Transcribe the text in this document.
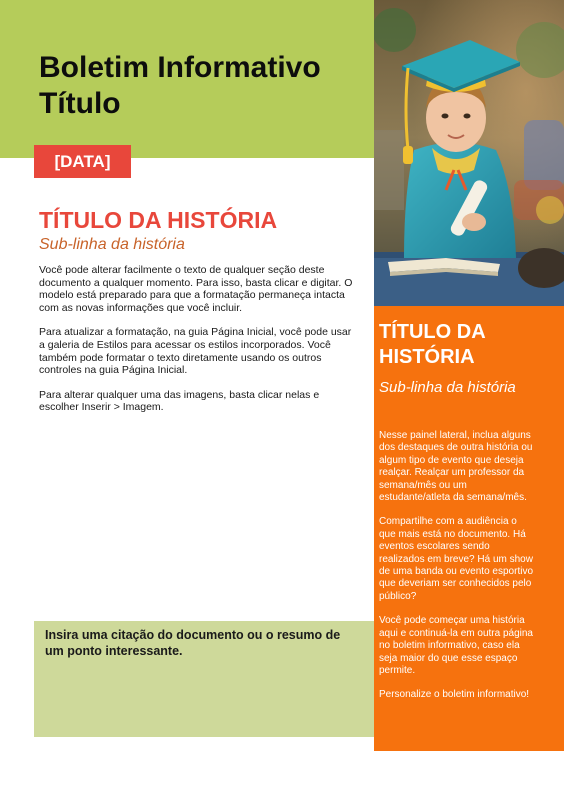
Boletim Informativo
Título
[DATA]
TÍTULO DA HISTÓRIA
Sub-linha da história

Você pode alterar facilmente o texto de qualquer seção deste documento a qualquer momento. Para isso, basta clicar e digitar. O modelo está preparado para que a formatação permaneça intacta com as novas informações que você incluir.

Para atualizar a formatação, na guia Página Inicial, você pode usar a galeria de Estilos para acessar os estilos incorporados. Você também pode formatar o texto diretamente usando os outros controles na guia Página Inicial.

Para alterar qualquer uma das imagens, basta clicar nelas e escolher Inserir > Imagem.

Insira uma citação do documento ou o resumo de um ponto interessante.
TÍTULO DA HISTÓRIA
Sub-linha da história

Nesse painel lateral, inclua alguns dos destaques de outra história ou algum tipo de evento que deseja realçar. Realçar um professor da semana/mês ou um estudante/atleta da semana/mês.

Compartilhe com a audiência o que mais está no documento. Há eventos escolares sendo realizados em breve? Há um show de uma banda ou evento esportivo que deveriam ser conhecidos pelo público?

Você pode começar uma história aqui e continuá-la em outra página no boletim informativo, caso ela seja maior do que esse espaço permite.

Personalize o boletim informativo!
